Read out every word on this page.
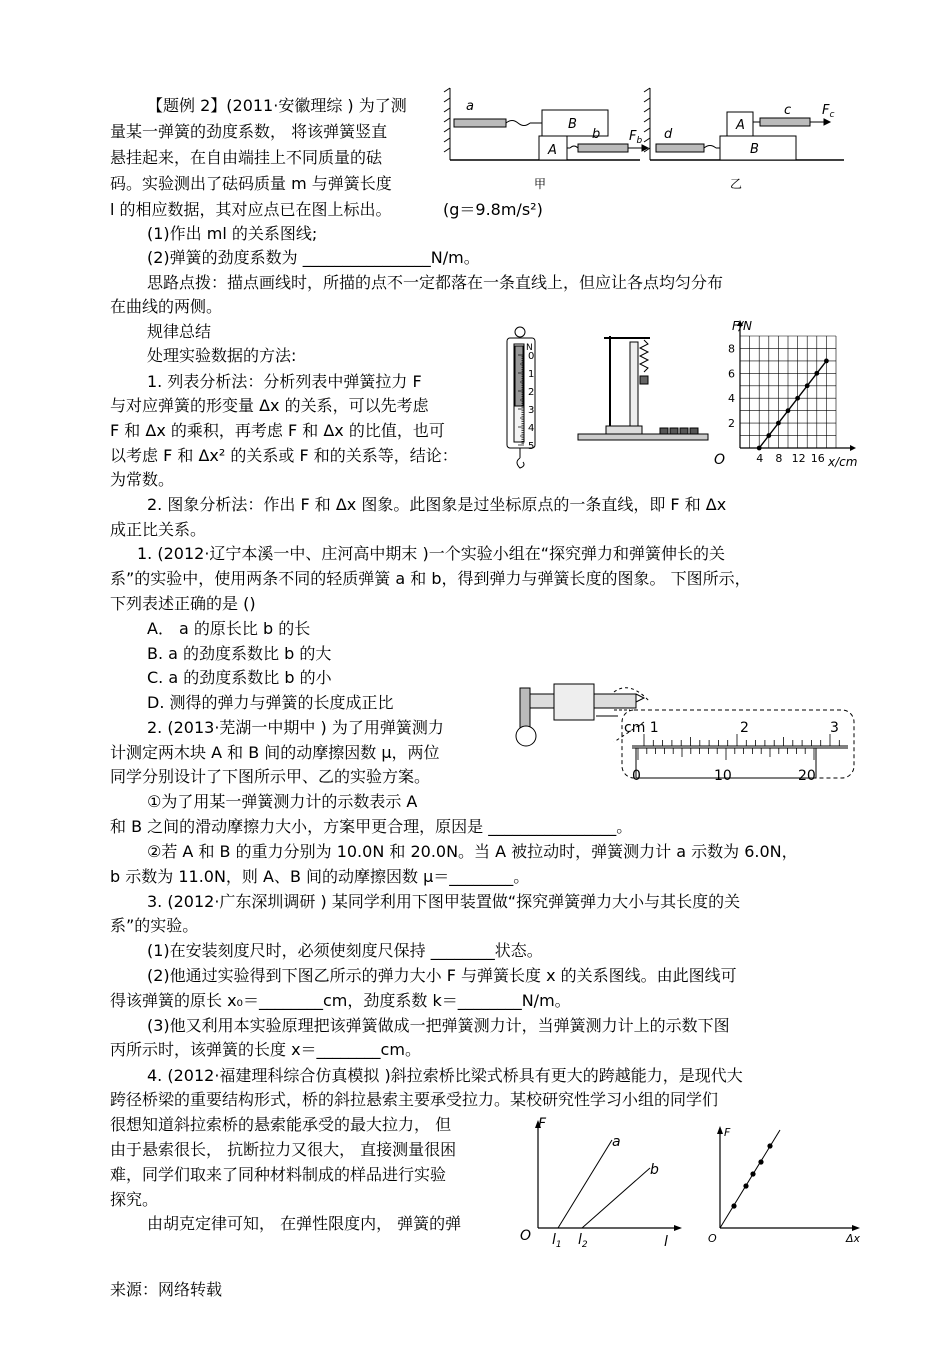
【题例 2】(2011·安徽理综 ) 为了测
量某一弹簧的劲度系数， 将该弹簧竖直
悬挂起来，在自由端挂上不同质量的砝
码。实验测出了砝码质量 m 与弹簧长度
l 的相应数据，其对应点已在图上标出。	(g＝9.8m/s²)
(1)作出 ml 的关系图线;
(2)弹簧的劲度系数为 ________________N/m。
思路点拨：描点画线时，所描的点不一定都落在一条直线上，但应让各点均匀分布
在曲线的两侧。
规律总结
处理实验数据的方法:
1. 列表分析法：分析列表中弹簧拉力 F
与对应弹簧的形变量 Δx 的关系，可以先考虑
F 和 Δx 的乘积，再考虑 F 和 Δx 的比值，也可
以考虑 F 和 Δx² 的关系或 F 和的关系等，结论：
为常数。
2. 图象分析法：作出 F 和 Δx 图象。此图象是过坐标原点的一条直线，即 F 和 Δx
成正比关系。
1. (2012·辽宁本溪一中、庄河高中期末 )一个实验小组在“探究弹力和弹簧伸长的关
系”的实验中，使用两条不同的轻质弹簧 a 和 b，得到弹力与弹簧长度的图象。 下图所示，
下列表述正确的是 ()
A． a 的原长比 b 的长
B. a 的劲度系数比 b 的大
C. a 的劲度系数比 b 的小
D. 测得的弹力与弹簧的长度成正比
2. (2013·芜湖一中期中 ) 为了用弹簧测力
计测定两木块 A 和 B 间的动摩擦因数 μ，两位
同学分别设计了下图所示甲、乙的实验方案。
①为了用某一弹簧测力计的示数表示 A
和 B 之间的滑动摩擦力大小，方案甲更合理，原因是 ________________。
②若 A 和 B 的重力分别为 10.0N 和 20.0N。当 A 被拉动时，弹簧测力计 a 示数为 6.0N，
b 示数为 11.0N，则 A、B 间的动摩擦因数 μ＝________。
3. (2012·广东深圳调研 ) 某同学利用下图甲装置做“探究弹簧弹力大小与其长度的关
系”的实验。
(1)在安装刻度尺时，必须使刻度尺保持 ________状态。
(2)他通过实验得到下图乙所示的弹力大小 F 与弹簧长度 x 的关系图线。由此图线可
得该弹簧的原长 x₀＝________cm，劲度系数 k＝________N/m。
(3)他又利用本实验原理把该弹簧做成一把弹簧测力计，当弹簧测力计上的示数下图
丙所示时，该弹簧的长度 x＝________cm。
4. (2012·福建理科综合仿真模拟 )斜拉索桥比梁式桥具有更大的跨越能力，是现代大
跨径桥梁的重要结构形式，桥的斜拉悬索主要承受拉力。某校研究性学习小组的同学们
很想知道斜拉索桥的悬索能承受的最大拉力， 但
由于悬索很长， 抗断拉力又很大， 直接测量很困
难，同学们取来了同种材料制成的样品进行实验
探究。
由胡克定律可知， 在弹性限度内， 弹簧的弹
来源：网络转载
a
b $F_b$ d
c $F_c$
B
A
A
B
甲	乙
N
0
1
2
3
4
5
F/N
x/cm
O
2
4
6
8
4 8 12 16
cm 1	2	3
0	10	20
F
O	l
a
b
$l_1$ $l_2$
F
O	Δx
